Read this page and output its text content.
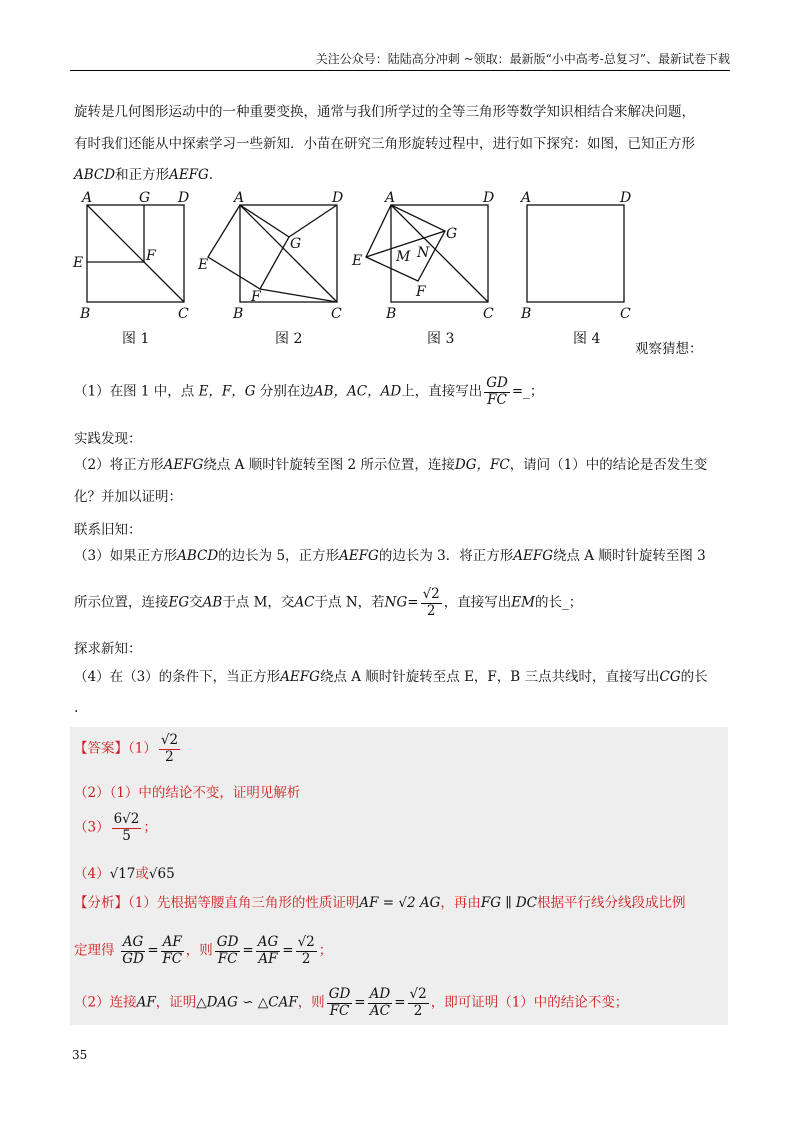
关注公众号：陆陆高分冲刺 ~领取：最新版“小中高考-总复习”、最新试卷下载
旋转是几何图形运动中的一种重要变换，通常与我们所学过的全等三角形等数学知识相结合来解决问题，
有时我们还能从中探索学习一些新知．小苗在研究三角形旋转过程中，进行如下探究：如图，已知正方形
ABCD和正方形AEFG．
A	G D
E	F
B	C
图 1
A	D
G
E
F
B	C
图 2
A	D
G
E M N
F
B	C
图 3
A	D
B	C
图 4
观察猜想：
（1）在图 1 中，点 E，F，G 分别在边AB，AC，AD上，直接写出 $\frac{GD}{FC}$ =_；
实践发现：
（2）将正方形AEFG绕点 A 顺时针旋转至图 2 所示位置，连接DG，FC，请问（1）中的结论是否发生变
化？并加以证明：
联系旧知：
（3）如果正方形ABCD的边长为 5，正方形AEFG的边长为 3．将正方形AEFG绕点 A 顺时针旋转至图 3
所示位置，连接EG交AB于点 M，交AC于点 N，若$NG= \frac{√2}{2}$ ，直接写出EM的长_；
探求新知：
（4）在（3）的条件下，当正方形AEFG绕点 A 顺时针旋转至点 E，F，B 三点共线时，直接写出CG的长
.
【答案】$(1) \frac{√2}{2}$
（2）（1）中的结论不变，证明见解析
$(3) \frac{6√2}{5}$ ；
（4）√17或√65
【分析】（1）先根据等腰直角三角形的性质证明AF = √2 AG，再由FG ∥ DC根据平行线分线段成比例
定理得 $\frac{AG}{GD} = \frac{AF}{FC}$ ，则 $\frac{GD}{FC} = \frac{AG}{AF} = \frac{√2}{2}$ ；
（2）连接AF，证明△DAG ∽ △CAF，则 $\frac{GD}{FC} = \frac{AD}{AC} = \frac{√2}{2}$ ，即可证明（1）中的结论不变；
35
